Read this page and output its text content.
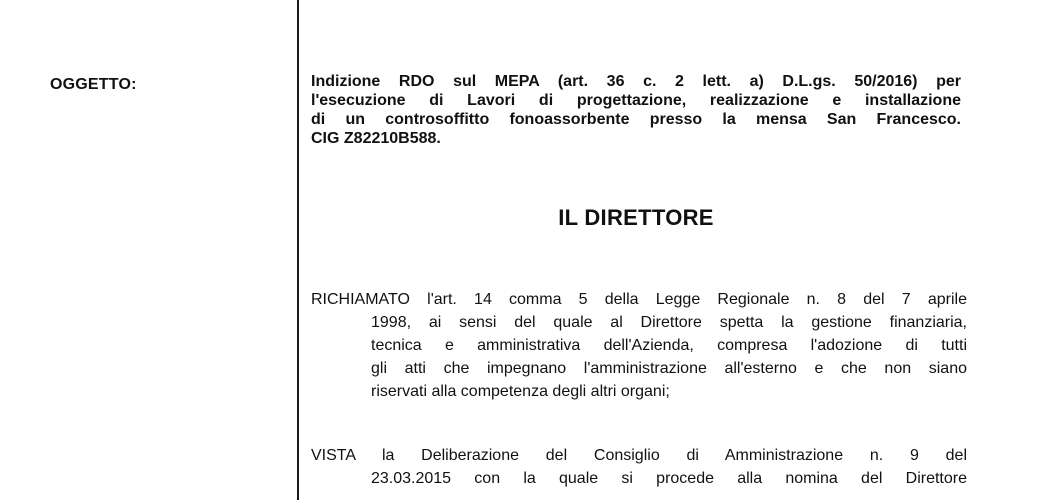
OGGETTO:	Indizione RDO sul MEPA (art. 36 c. 2 lett. a) D.L.gs. 50/2016) per
l'esecuzione di Lavori di progettazione, realizzazione e installazione
di un controsoffitto fonoassorbente presso la mensa San Francesco.
CIG Z82210B588.
IL DIRETTORE
RICHIAMATO l'art. 14 comma 5 della Legge Regionale n. 8 del 7 aprile
1998, ai sensi del quale al Direttore spetta la gestione finanziaria,
tecnica e amministrativa dell'Azienda, compresa l'adozione di tutti
gli atti che impegnano l'amministrazione all'esterno e che non siano
riservati alla competenza degli altri organi;
VISTA la Deliberazione del Consiglio di Amministrazione n. 9 del
23.03.2015 con la quale si procede alla nomina del Direttore
